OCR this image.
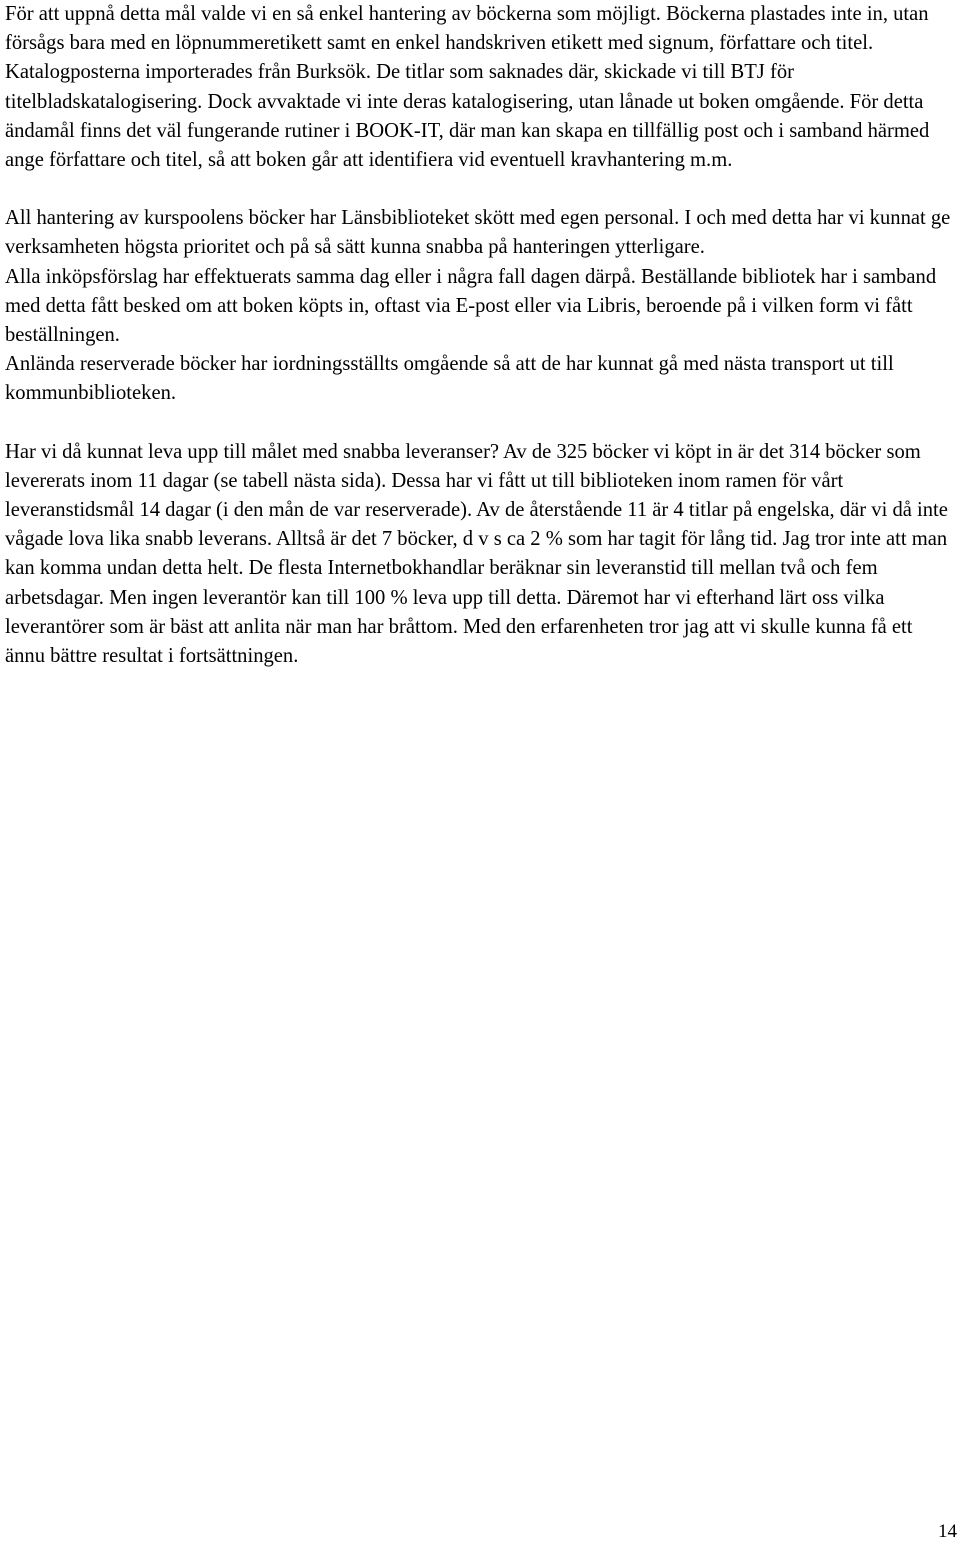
För att uppnå detta mål valde vi en så enkel hantering av böckerna som möjligt. Böckerna plastades inte in, utan försågs bara med en löpnummeretikett samt en enkel handskriven etikett med signum, författare och titel.

Katalogposterna importerades från Burksök. De titlar som saknades där, skickade vi till BTJ för titelbladskatalogisering. Dock avvaktade vi inte deras katalogisering, utan lånade ut boken omgående. För detta ändamål finns det väl fungerande rutiner i BOOK-IT, där man kan skapa en tillfällig post och i samband härmed ange författare och titel, så att boken går att identifiera vid eventuell kravhantering m.m.

All hantering av kurspoolens böcker har Länsbiblioteket skött med egen personal. I och med detta har vi kunnat ge verksamheten högsta prioritet och på så sätt kunna snabba på hanteringen ytterligare.

Alla inköpsförslag har effektuerats samma dag eller i några fall dagen därpå. Beställande bibliotek har i samband med detta fått besked om att boken köpts in, oftast via E-post eller via Libris, beroende på i vilken form vi fått beställningen.

Anlända reserverade böcker har iordningsställts omgående så att de har kunnat gå med nästa transport ut till kommunbiblioteken.

Har vi då kunnat leva upp till målet med snabba leveranser? Av de 325 böcker vi köpt in är det 314 böcker som levererats inom 11 dagar (se tabell nästa sida). Dessa har vi fått ut till biblioteken inom ramen för vårt leveranstidsmål 14 dagar (i den mån de var reserverade). Av de återstående 11 är 4 titlar på engelska, där vi då inte vågade lova lika snabb leverans. Alltså är det 7 böcker, d v s ca 2 % som har tagit för lång tid. Jag tror inte att man kan komma undan detta helt. De flesta Internetbokhandlar beräknar sin leveranstid till mellan två och fem arbetsdagar. Men ingen leverantör kan till 100 % leva upp till detta. Däremot har vi efterhand lärt oss vilka leverantörer som är bäst att anlita när man har bråttom. Med den erfarenheten tror jag att vi skulle kunna få ett ännu bättre resultat i fortsättningen.

14
